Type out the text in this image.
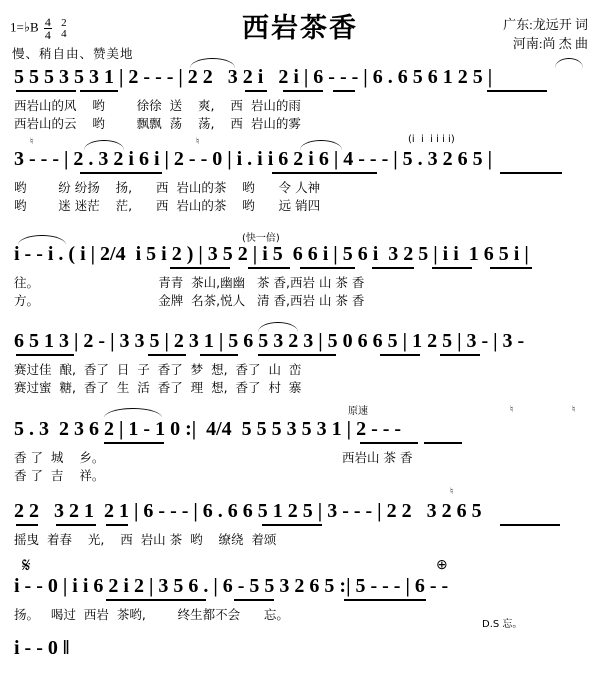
西岩茶香
1=♭B $\frac{4}{4}$
2
4
广东:龙远开 词
河南:尚 杰 曲
慢、稍自由、赞美地
5 5 5 3 5 3 1 | 2 - - - | 2 2   3 2 i   2 i | 6 - - - | 6 . 6 5 6 1 2 5 |
西岩山的风    哟        徐徐  送    爽,    西  岩山的雨
西岩山的云    哟        飘飘  荡    荡,    西  岩山的雾
♮
3 - - - | 2 . 3 2 i 6 i | 2 - - 0 | i . i i 6 2 i 6 | 4 - - - | 5 . 3 2 6 5 |
(i  i  i i i i)
♮
哟        纷 纷扬    扬,      西  岩山的茶    哟      令 人神
哟        迷 迷茫    茫,      西  岩山的茶    哟      远 销四
(快一倍)
i - - i . ( i | 2/4  i 5 i 2 ) | 3 5 2 | i 5  6 6 i | 5 6 i  3 2 5 | i i  1 6 5 i |
往。                              青青  茶山,幽幽   茶 香,西岩 山 茶 香
方。                              金牌  名茶,悦人   清 香,西岩 山 茶 香
6 5 1 3 | 2 - | 3 3 5 | 2 3 1 | 5 6 5 3 2 3 | 5 0 6 6 5 | 1 2 5 | 3 - | 3 -
赛过佳  酿,  香了  日  子  香了  梦  想,  香了  山  峦
赛过蜜  糖,  香了  生  活  香了  理  想,  香了  村  寨
5 . 3  2 3 6 2 | 1 - 1 0 :|  4/4  5 5 5 3 5 3 1 | 2 - - -
原速	♮	♮
香 了  城    乡。
香 了  吉    祥。
西岩山 茶 香
2 2   3 2 1  2 1 | 6 - - - | 6 . 6 6 5 1 2 5 | 3 - - - | 2 2   3 2 6 5
♮
摇曳  着春    光,    西  岩山 茶  哟    缭绕  着颂
𝄋
i - - 0 | i i 6 2 i 2 | 3 5 6 . | 6 - 5 5 3 2 6 5 :| 5 - - - | 6 - -
⊕
D.S 忘。
扬。   喝过  西岩  茶哟,        终生都不会      忘。
i - - 0 ‖
